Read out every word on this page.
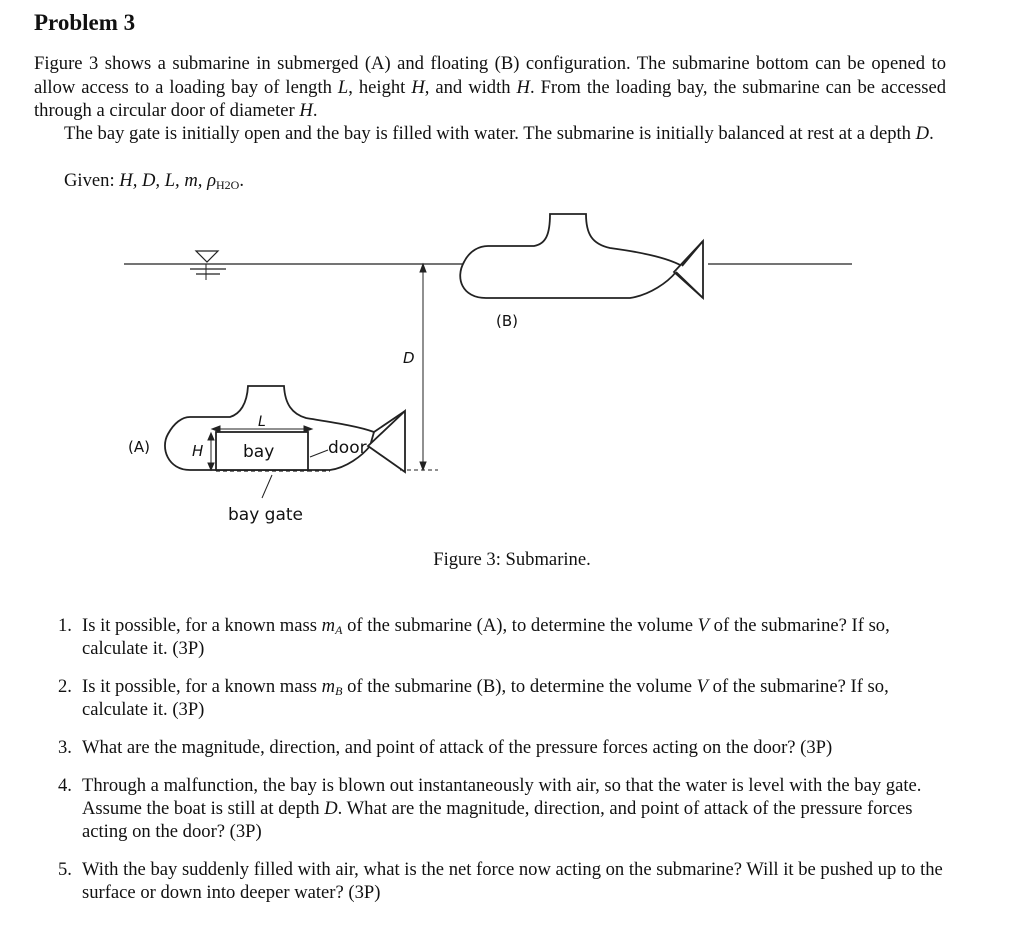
Problem 3
Figure 3 shows a submarine in submerged (A) and floating (B) configuration. The submarine bottom can be opened to allow access to a loading bay of length L, height H, and width H. From the loading bay, the submarine can be accessed through a circular door of diameter H.
The bay gate is initially open and the bay is filled with water. The submarine is initially balanced at rest at a depth D.
Given: H, D, L, m, $\rho_{H2O}$.
(B)
D
L
H bay	door
(A)
bay gate
Figure 3: Submarine.
1. Is it possible, for a known mass $m_A$ of the submarine (A), to determine the volume V of the submarine? If so, calculate it. (3P)
2. Is it possible, for a known mass $m_B$ of the submarine (B), to determine the volume V of the submarine? If so, calculate it. (3P)
3. What are the magnitude, direction, and point of attack of the pressure forces acting on the door? (3P)
4. Through a malfunction, the bay is blown out instantaneously with air, so that the water is level with the bay gate. Assume the boat is still at depth D. What are the magnitude, direction, and point of attack of the pressure forces acting on the door? (3P)
5. With the bay suddenly filled with air, what is the net force now acting on the submarine? Will it be pushed up to the surface or down into deeper water? (3P)
